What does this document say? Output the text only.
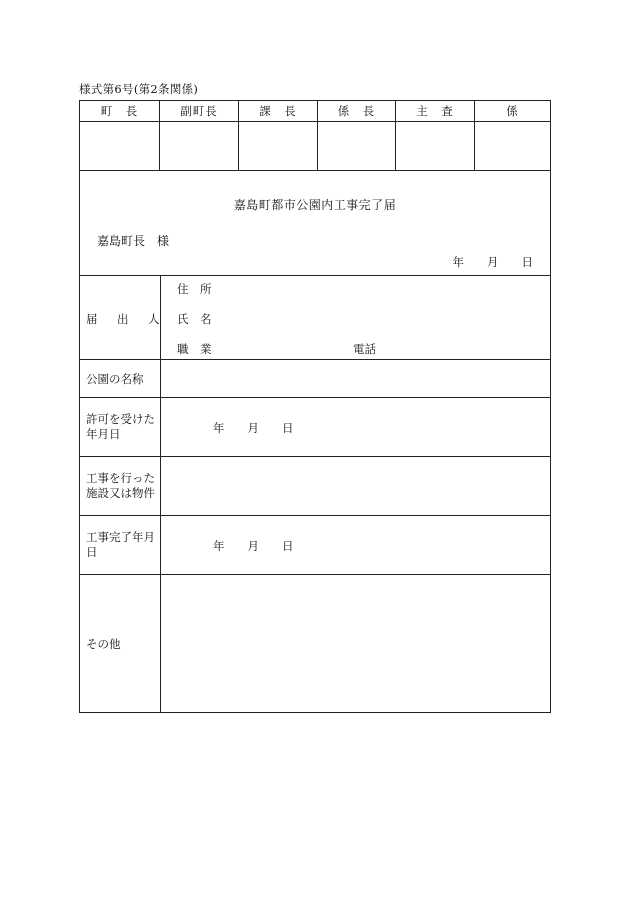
様式第6号(第2条関係)
町　長	副町長	課　長	係　長	主　査	係
嘉島町都市公園内工事完了届
嘉島町長　様
年　　月　　日
届　出　人
住　所
氏　名
職　業	電話
公園の名称
許可を受けた年月日	年　　月　　日
工事を行った施設又は物件
工事完了年月日	年　　月　　日
その他
